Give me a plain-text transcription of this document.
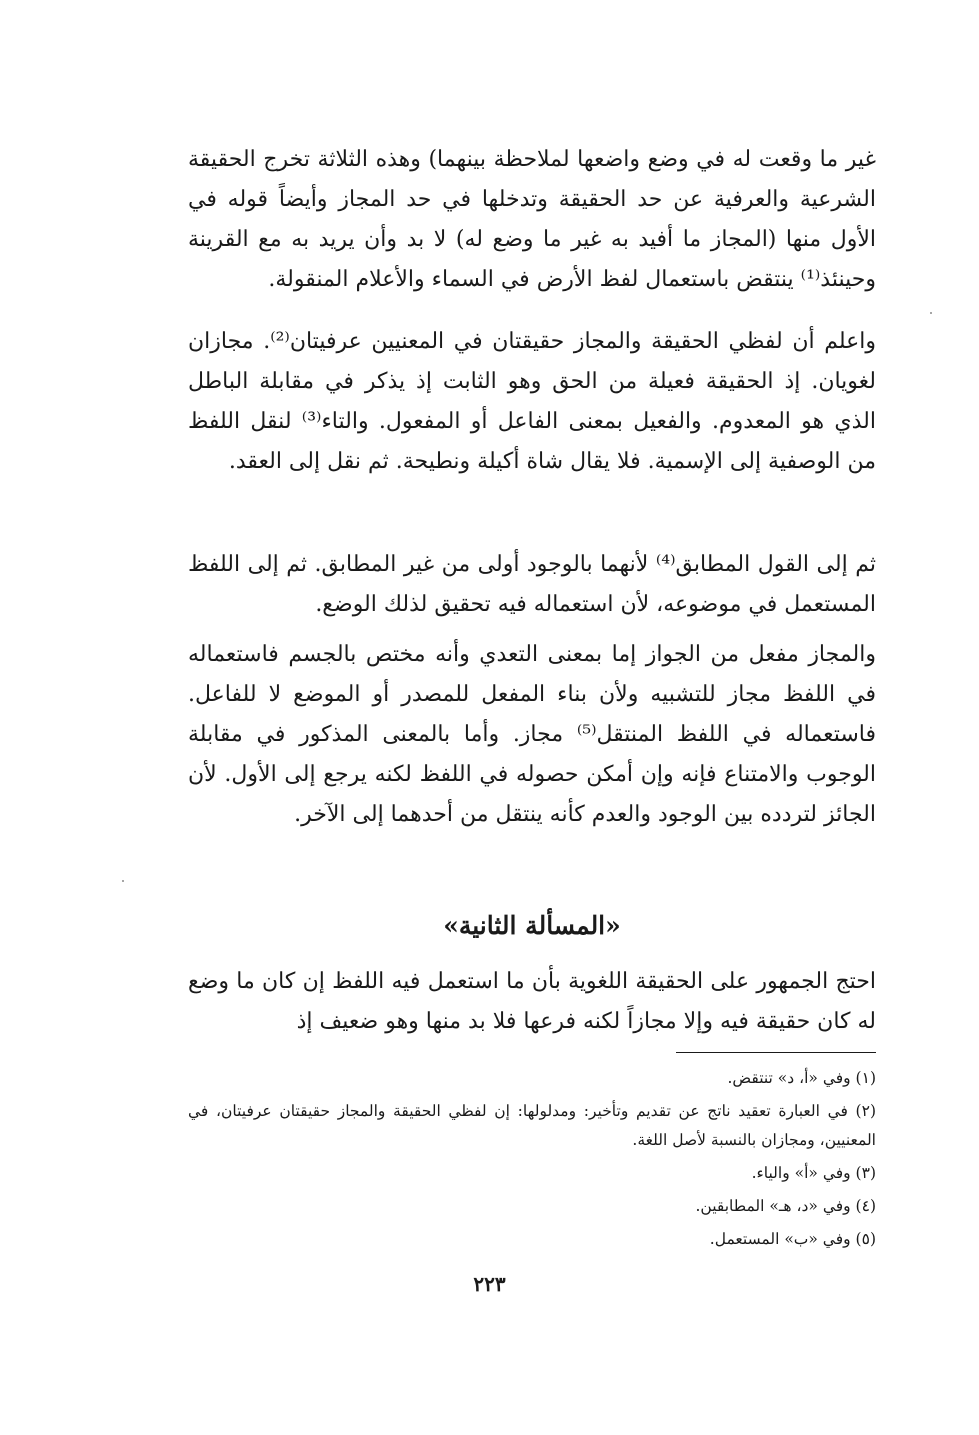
غير ما وقعت له في وضع واضعها لملاحظة بينهما) وهذه الثلاثة تخرج الحقيقة الشرعية والعرفية عن حد الحقيقة وتدخلها في حد المجاز وأيضاً قوله في الأول منها (المجاز ما أفيد به غير ما وضع له) لا بد وأن يريد به مع القرينة وحينئذ⁽¹⁾ ينتقض باستعمال لفظ الأرض في السماء والأعلام المنقولة.

واعلم أن لفظي الحقيقة والمجاز حقيقتان في المعنيين عرفيتان⁽²⁾. مجازان لغويان. إذ الحقيقة فعيلة من الحق وهو الثابت إذ يذكر في مقابلة الباطل الذي هو المعدوم. والفعيل بمعنى الفاعل أو المفعول. والتاء⁽³⁾ لنقل اللفظ من الوصفية إلى الإسمية. فلا يقال شاة أكيلة ونطيحة. ثم نقل إلى العقد.

ثم إلى القول المطابق⁽⁴⁾ لأنهما بالوجود أولى من غير المطابق. ثم إلى اللفظ المستعمل في موضوعه، لأن استعماله فيه تحقيق لذلك الوضع.

والمجاز مفعل من الجواز إما بمعنى التعدي وأنه مختص بالجسم فاستعماله في اللفظ مجاز للتشبيه ولأن بناء المفعل للمصدر أو الموضع لا للفاعل. فاستعماله في اللفظ المنتقل⁽⁵⁾ مجاز. وأما بالمعنى المذكور في مقابلة الوجوب والامتناع فإنه وإن أمكن حصوله في اللفظ لكنه يرجع إلى الأول. لأن الجائز لتردده بين الوجود والعدم كأنه ينتقل من أحدهما إلى الآخر.

«المسألة الثانية»

احتج الجمهور على الحقيقة اللغوية بأن ما استعمل فيه اللفظ إن كان ما وضع له كان حقيقة فيه وإلا مجازاً لكنه فرعها فلا بد منها وهو ضعيف إذ

(١) وفي «أ، د» تنتقض.
(٢) في العبارة تعقيد ناتج عن تقديم وتأخير: ومدلولها: إن لفظي الحقيقة والمجاز حقيقتان عرفيتان، في المعنيين، ومجازان بالنسبة لأصل اللغة.
(٣) وفي «أ» والياء.
(٤) وفي «د، هـ» المطابقين.
(٥) وفي «ب» المستعمل.
٢٢٣
